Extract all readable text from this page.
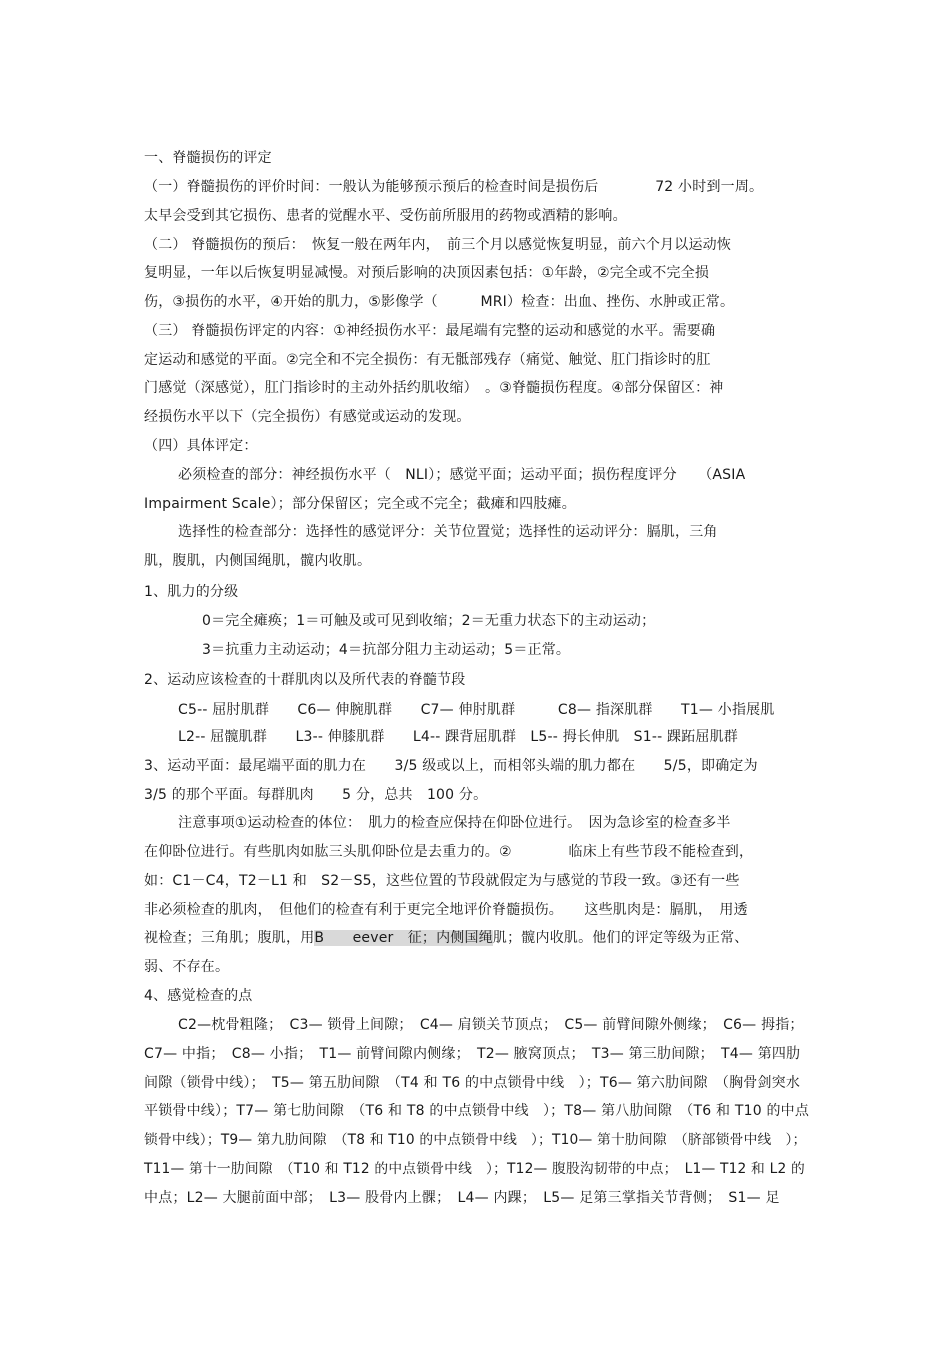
一、脊髓损伤的评定
（一）脊髓损伤的评价时间：一般认为能够预示预后的检查时间是损伤后　　　　72 小时到一周。
太早会受到其它损伤、患者的觉醒水平、受伤前所服用的药物或酒精的影响。
（二） 脊髓损伤的预后：　恢复一般在两年内，　前三个月以感觉恢复明显，前六个月以运动恢
复明显，一年以后恢复明显减慢。对预后影响的决顶因素包括：①年龄，②完全或不完全损
伤，③损伤的水平，④开始的肌力，⑤影像学（　　　MRI）检查：出血、挫伤、水肿或正常。
（三） 脊髓损伤评定的内容：①神经损伤水平：最尾端有完整的运动和感觉的水平。需要确
定运动和感觉的平面。②完全和不完全损伤：有无骶部残存（痛觉、触觉、肛门指诊时的肛
门感觉（深感觉），肛门指诊时的主动外括约肌收缩）　。③脊髓损伤程度。④部分保留区：神
经损伤水平以下（完全损伤）有感觉或运动的发现。
（四）具体评定：
必须检查的部分：神经损伤水平（　NLI）；感觉平面；运动平面；损伤程度评分　　（ASIA
Impairment Scale）；部分保留区；完全或不完全；截瘫和四肢瘫。
选择性的检查部分：选择性的感觉评分：关节位置觉；选择性的运动评分：膈肌，三角
肌，腹肌，内侧国绳肌，髋内收肌。
1、肌力的分级
0＝完全瘫痪；1＝可触及或可见到收缩；2＝无重力状态下的主动运动；
3＝抗重力主动运动；4＝抗部分阻力主动运动；5＝正常。
2、运动应该检查的十群肌肉以及所代表的脊髓节段
C5-- 屈肘肌群　　C6— 伸腕肌群　　C7— 伸肘肌群　　　C8— 指深肌群　　T1— 小指展肌
L2-- 屈髋肌群　　L3-- 伸膝肌群　　L4-- 踝背屈肌群　L5-- 拇长伸肌　S1-- 踝跖屈肌群
3、运动平面：最尾端平面的肌力在　　3/5 级或以上，而相邻头端的肌力都在　　5/5，即确定为
3/5 的那个平面。每群肌肉　　5 分，总共　100 分。
注意事项①运动检查的体位：　肌力的检查应保持在仰卧位进行。　因为急诊室的检查多半
在仰卧位进行。有些肌肉如肱三头肌仰卧位是去重力的。②　　　　临床上有些节段不能检查到，
如：C1－C4，T2－L1 和　S2－S5，这些位置的节段就假定为与感觉的节段一致。③还有一些
非必须检查的肌肉，　但他们的检查有利于更完全地评价脊髓损伤。　　这些肌肉是：膈肌，　用透
视检查；三角肌；腹肌，用B　　eever　征；内侧国绳肌；髋内收肌。他们的评定等级为正常、
弱、不存在。
4、感觉检查的点
C2—枕骨粗隆；　C3— 锁骨上间隙；　C4— 肩锁关节顶点；　C5— 前臂间隙外侧缘；　C6— 拇指；
C7— 中指；　C8— 小指；　T1— 前臂间隙内侧缘；　T2— 腋窝顶点；　T3— 第三肋间隙；　T4— 第四肋
间隙（锁骨中线）；　T5— 第五肋间隙　（T4 和 T6 的中点锁骨中线　）；T6— 第六肋间隙　（胸骨剑突水
平锁骨中线）；T7— 第七肋间隙　（T6 和 T8 的中点锁骨中线　）；T8— 第八肋间隙　（T6 和 T10 的中点
锁骨中线）；T9— 第九肋间隙　（T8 和 T10 的中点锁骨中线　）；T10— 第十肋间隙　（脐部锁骨中线　）；
T11— 第十一肋间隙　（T10 和 T12 的中点锁骨中线　）；T12— 腹股沟韧带的中点；　L1— T12 和 L2 的
中点；L2— 大腿前面中部；　L3— 股骨内上髁；　L4— 内踝；　L5— 足第三掌指关节背侧；　S1— 足
